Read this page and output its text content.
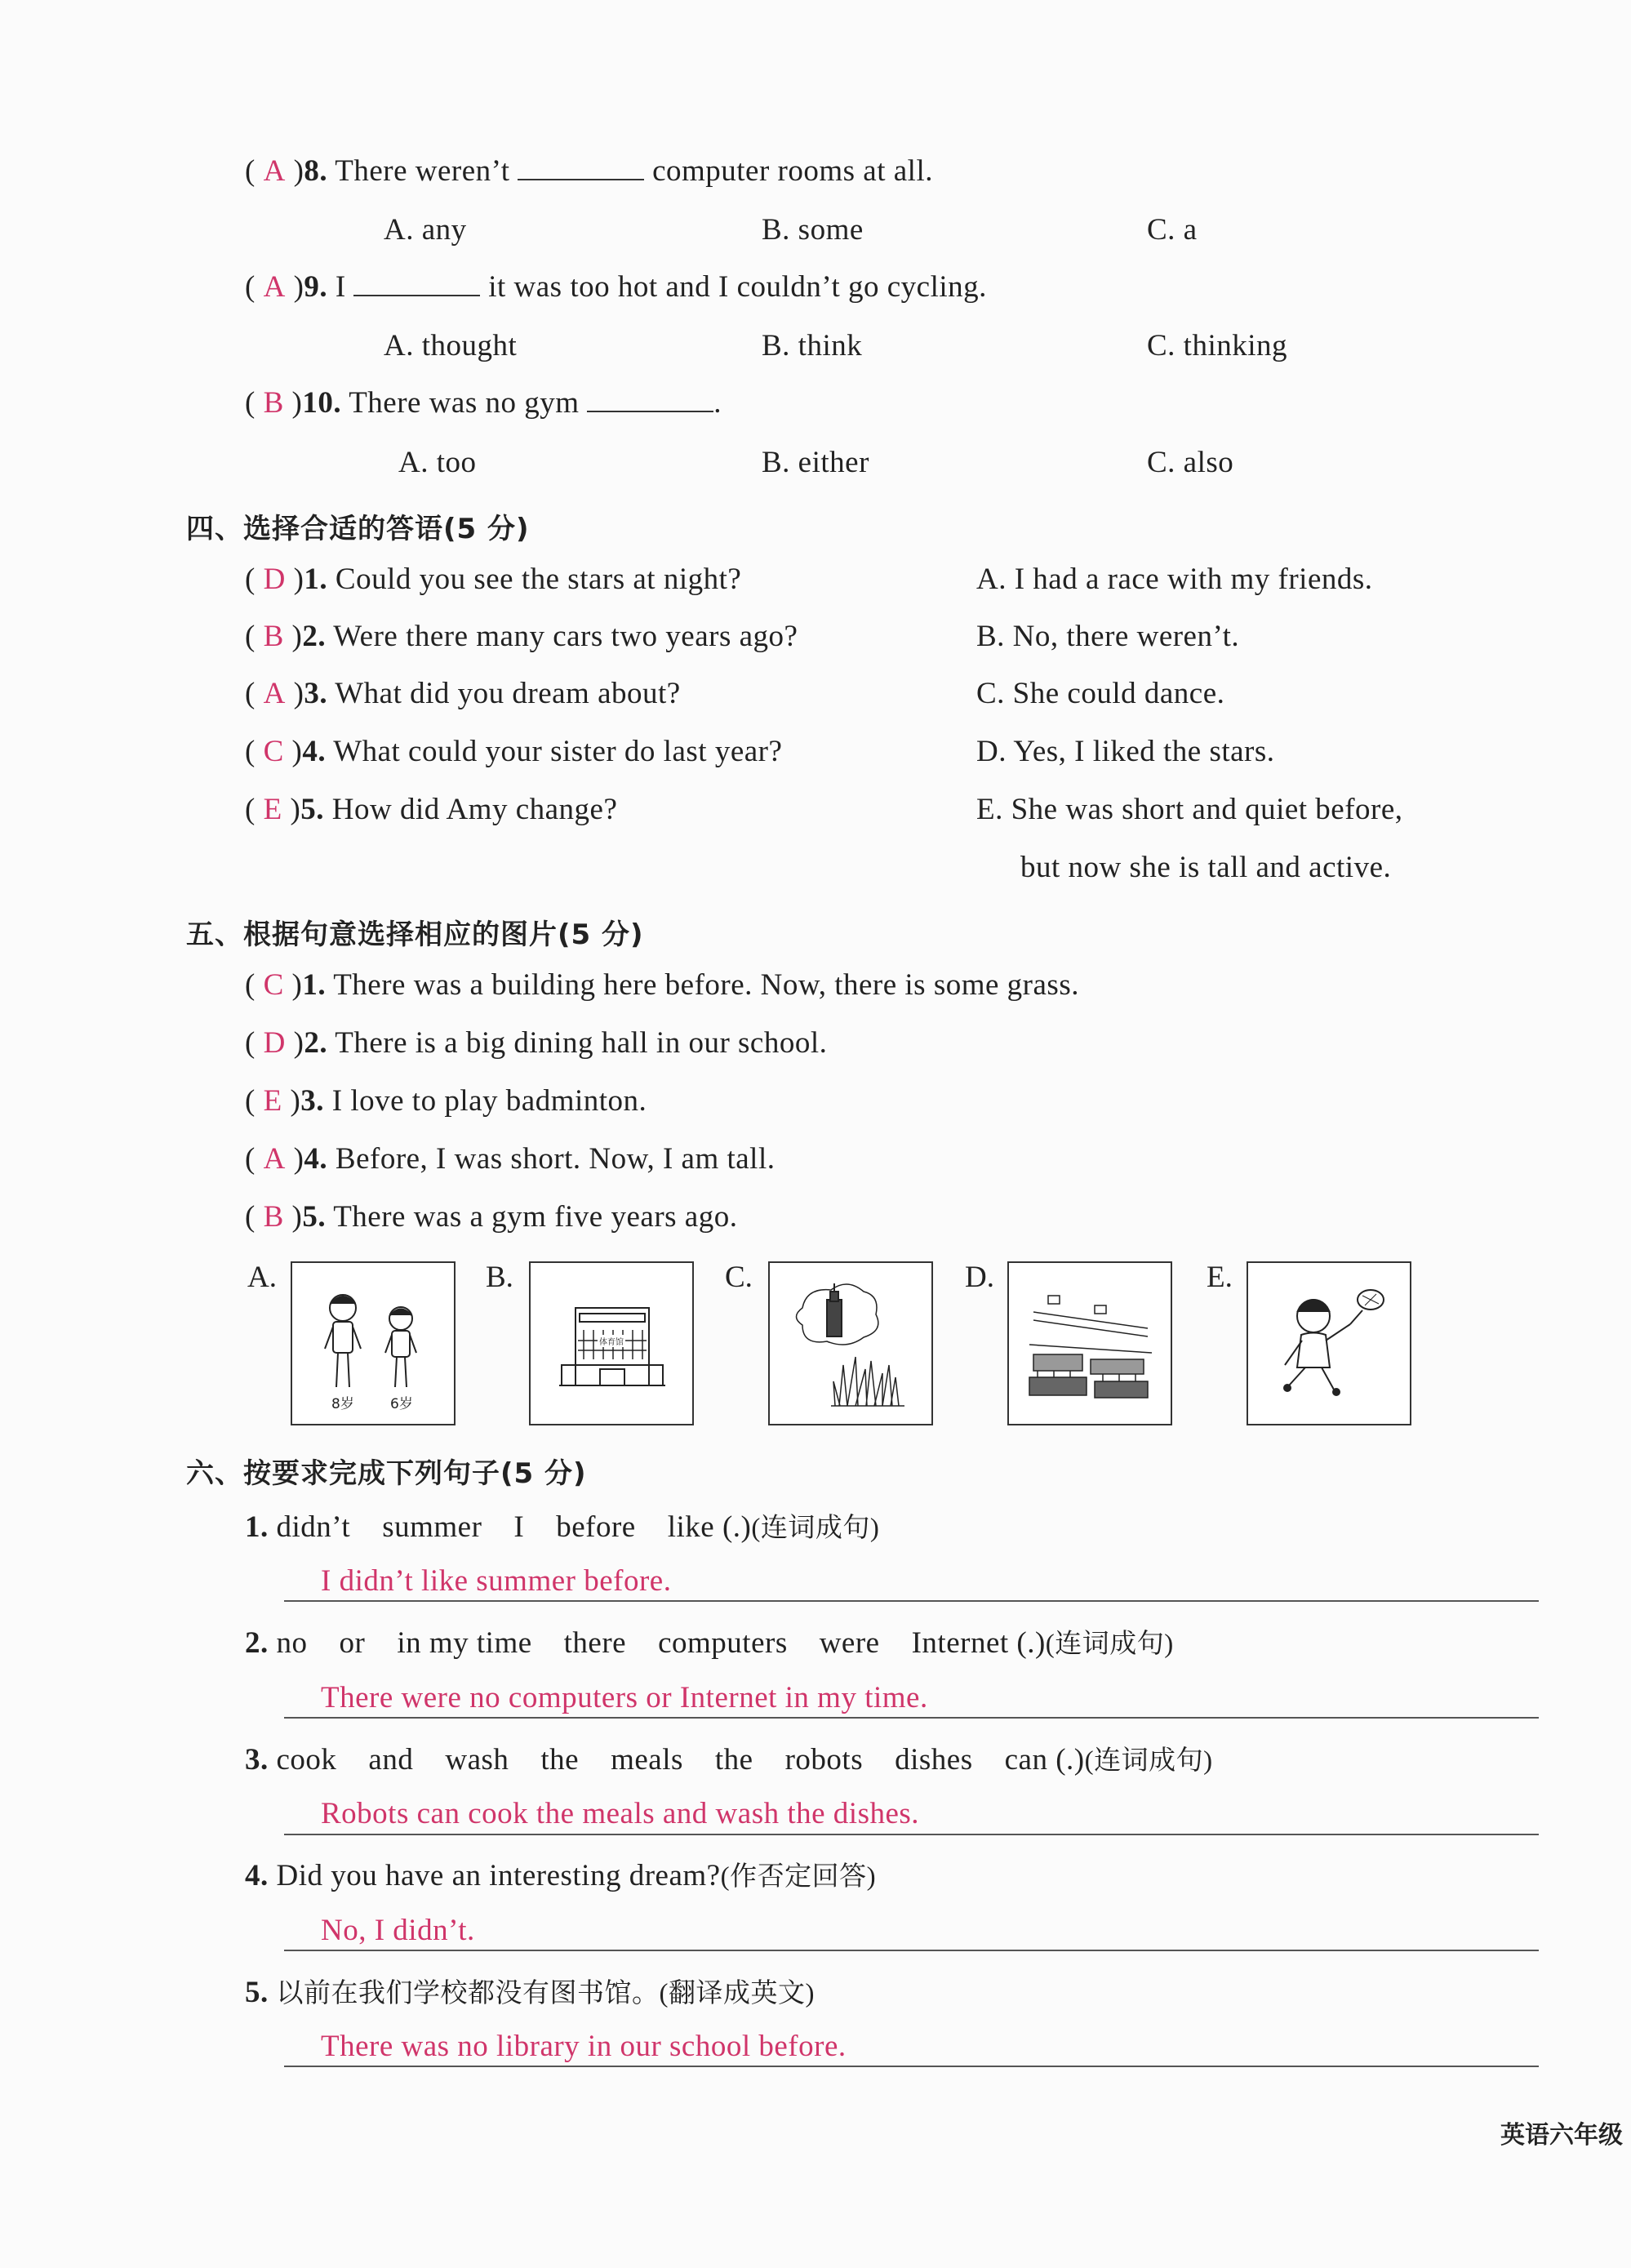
( A )8. There weren’t	computer rooms at all.
A. any	B. some	C. a
( A )9. I	it was too hot and I couldn’t go cycling.
A. thought	B. think	C. thinking
( B )10. There was no gym	.
A. too	B. either	C. also
四、选择合适的答语(5 分)
( D )1. Could you see the stars at night?
( B )2. Were there many cars two years ago?
( A )3. What did you dream about?
( C )4. What could your sister do last year?
( E )5. How did Amy change?
A. I had a race with my friends.
B. No, there weren’t.
C. She could dance.
D. Yes, I liked the stars.
E. She was short and quiet before,
but now she is tall and active.
五、根据句意选择相应的图片(5 分)
( C )1. There was a building here before. Now, there is some grass.
( D )2. There is a big dining hall in our school.
( E )3. I love to play badminton.
( A )4. Before, I was short. Now, I am tall.
( B )5. There was a gym five years ago.
A.	B.	C.	D.	E.
8岁	6岁
体育馆
六、按要求完成下列句子(5 分)
1. didn’t    summer    I    before    like (.)(连词成句)
I didn’t like summer before.
2. no    or    in my time    there    computers    were    Internet (.)(连词成句)
There were no computers or Internet in my time.
3. cook    and    wash    the    meals    the    robots    dishes    can (.)(连词成句)
Robots can cook the meals and wash the dishes.
4. Did you have an interesting dream?(作否定回答)
No, I didn’t.
5. 以前在我们学校都没有图书馆。(翻译成英文)
There was no library in our school before.
英语六年级
